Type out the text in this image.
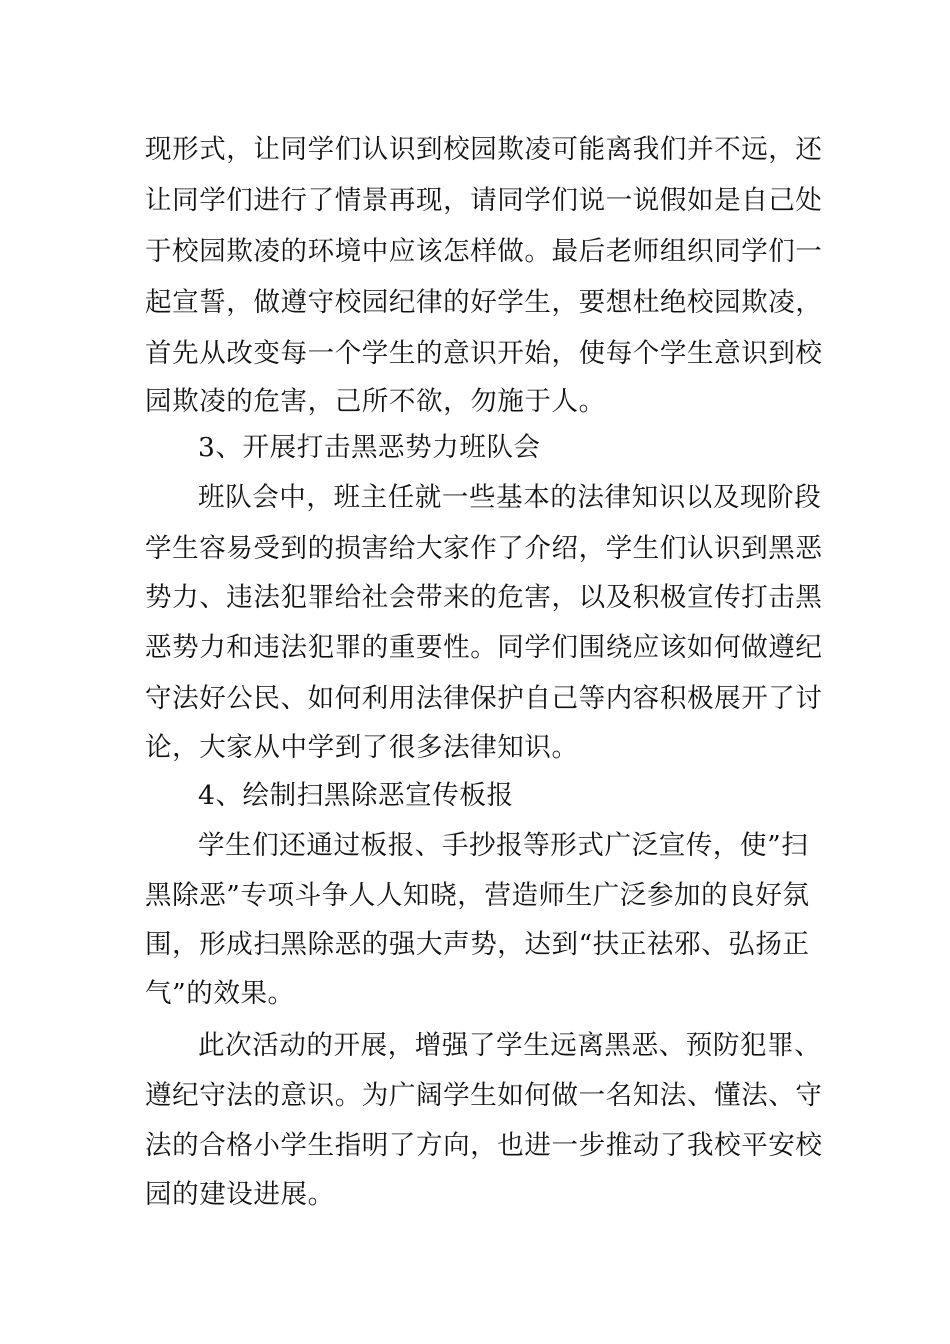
现形式，让同学们认识到校园欺凌可能离我们并不远，还
让同学们进行了情景再现，请同学们说一说假如是自己处
于校园欺凌的环境中应该怎样做。最后老师组织同学们一
起宣誓，做遵守校园纪律的好学生，要想杜绝校园欺凌，
首先从改变每一个学生的意识开始，使每个学生意识到校
园欺凌的危害，己所不欲，勿施于人。
3、开展打击黑恶势力班队会
班队会中，班主任就一些基本的法律知识以及现阶段
学生容易受到的损害给大家作了介绍，学生们认识到黑恶
势力、违法犯罪给社会带来的危害，以及积极宣传打击黑
恶势力和违法犯罪的重要性。同学们围绕应该如何做遵纪
守法好公民、如何利用法律保护自己等内容积极展开了讨
论，大家从中学到了很多法律知识。
4、绘制扫黑除恶宣传板报
学生们还通过板报、手抄报等形式广泛宣传，使”扫
黑除恶”专项斗争人人知晓，营造师生广泛参加的良好氛
围，形成扫黑除恶的强大声势，达到“扶正祛邪、弘扬正
气”的效果。
此次活动的开展，增强了学生远离黑恶、预防犯罪、
遵纪守法的意识。为广阔学生如何做一名知法、懂法、守
法的合格小学生指明了方向，也进一步推动了我校平安校
园的建设进展。
